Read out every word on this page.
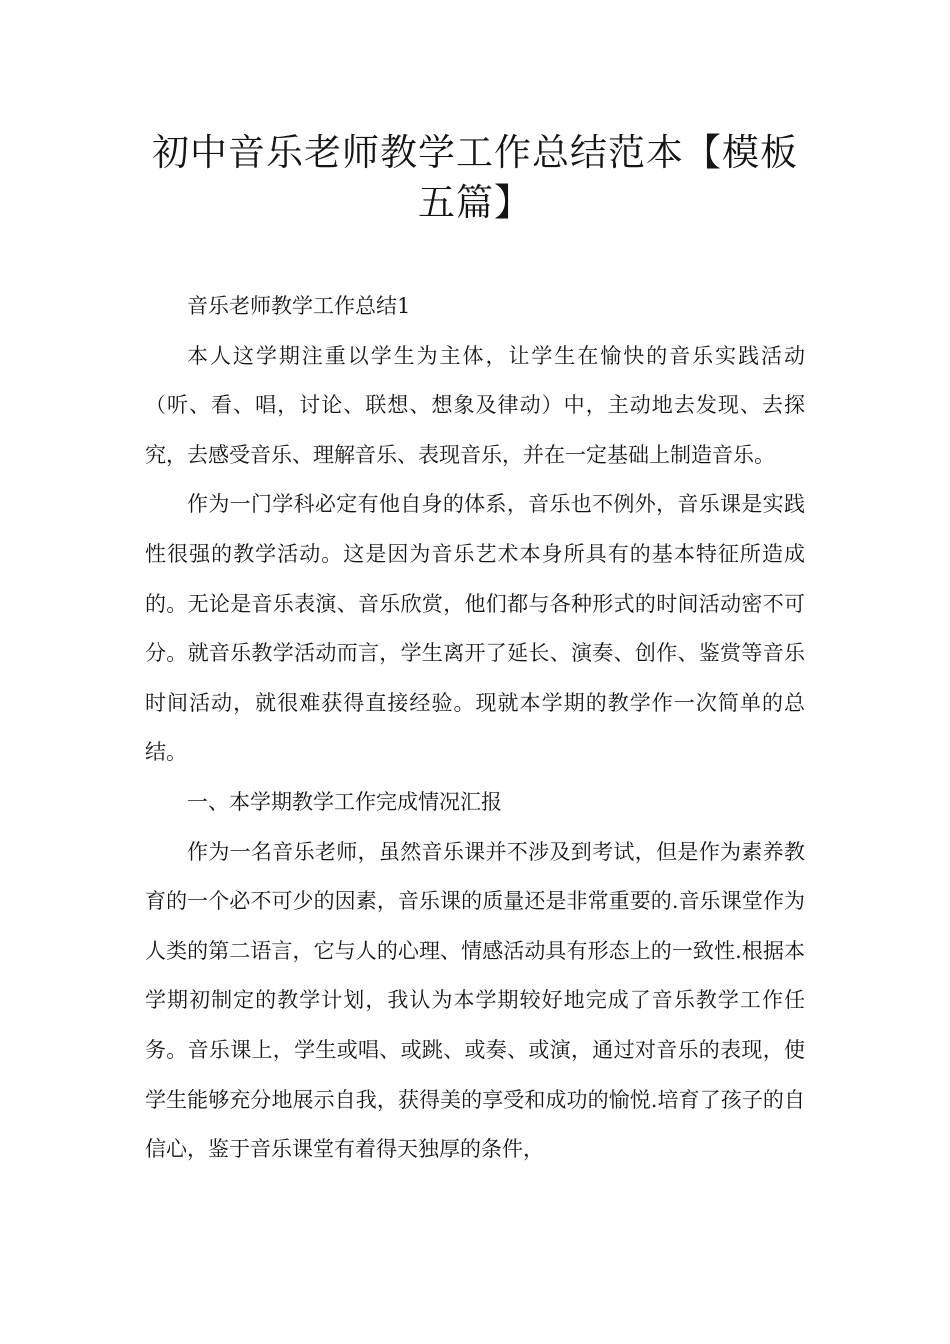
初中音乐老师教学工作总结范本【模板五篇】

音乐老师教学工作总结1

本人这学期注重以学生为主体，让学生在愉快的音乐实践活动（听、看、唱，讨论、联想、想象及律动）中，主动地去发现、去探究，去感受音乐、理解音乐、表现音乐，并在一定基础上制造音乐。

作为一门学科必定有他自身的体系，音乐也不例外，音乐课是实践性很强的教学活动。这是因为音乐艺术本身所具有的基本特征所造成的。无论是音乐表演、音乐欣赏，他们都与各种形式的时间活动密不可分。就音乐教学活动而言，学生离开了延长、演奏、创作、鉴赏等音乐时间活动，就很难获得直接经验。现就本学期的教学作一次简单的总结。

一、本学期教学工作完成情况汇报

作为一名音乐老师，虽然音乐课并不涉及到考试，但是作为素养教育的一个必不可少的因素，音乐课的质量还是非常重要的.音乐课堂作为人类的第二语言，它与人的心理、情感活动具有形态上的一致性.根据本学期初制定的教学计划，我认为本学期较好地完成了音乐教学工作任务。音乐课上，学生或唱、或跳、或奏、或演，通过对音乐的表现，使学生能够充分地展示自我，获得美的享受和成功的愉悦.培育了孩子的自信心，鉴于音乐课堂有着得天独厚的条件，
